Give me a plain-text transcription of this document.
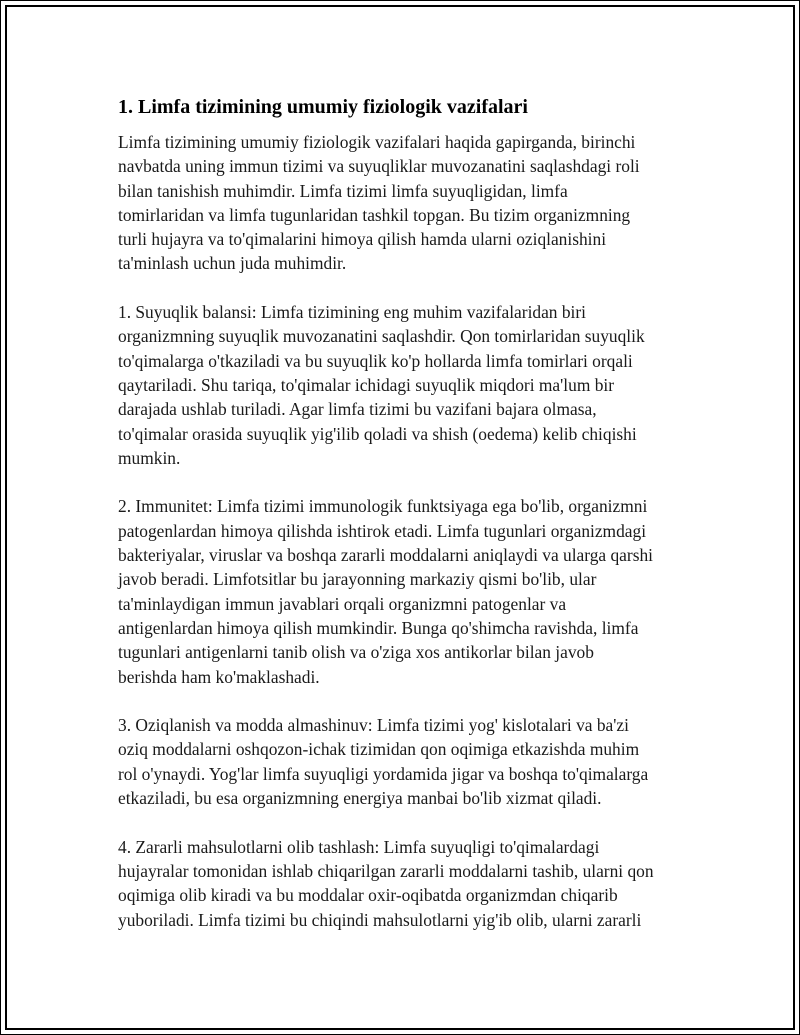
1. Limfa tizimining umumiy fiziologik vazifalari

Limfa tizimining umumiy fiziologik vazifalari haqida gapirganda, birinchi
navbatda uning immun tizimi va suyuqliklar muvozanatini saqlashdagi roli
bilan tanishish muhimdir. Limfa tizimi limfa suyuqligidan, limfa
tomirlaridan va limfa tugunlaridan tashkil topgan. Bu tizim organizmning
turli hujayra va to'qimalarini himoya qilish hamda ularni oziqlanishini
ta'minlash uchun juda muhimdir.

1. Suyuqlik balansi: Limfa tizimining eng muhim vazifalaridan biri
organizmning suyuqlik muvozanatini saqlashdir. Qon tomirlaridan suyuqlik
to'qimalarga o'tkaziladi va bu suyuqlik ko'p hollarda limfa tomirlari orqali
qaytariladi. Shu tariqa, to'qimalar ichidagi suyuqlik miqdori ma'lum bir
darajada ushlab turiladi. Agar limfa tizimi bu vazifani bajara olmasa,
to'qimalar orasida suyuqlik yig'ilib qoladi va shish (oedema) kelib chiqishi
mumkin.

2. Immunitet: Limfa tizimi immunologik funktsiyaga ega bo'lib, organizmni
patogenlardan himoya qilishda ishtirok etadi. Limfa tugunlari organizmdagi
bakteriyalar, viruslar va boshqa zararli moddalarni aniqlaydi va ularga qarshi
javob beradi. Limfotsitlar bu jarayonning markaziy qismi bo'lib, ular
ta'minlaydigan immun javablari orqali organizmni patogenlar va
antigenlardan himoya qilish mumkindir. Bunga qo'shimcha ravishda, limfa
tugunlari antigenlarni tanib olish va o'ziga xos antikorlar bilan javob
berishda ham ko'maklashadi.

3. Oziqlanish va modda almashinuv: Limfa tizimi yog' kislotalari va ba'zi
oziq moddalarni oshqozon-ichak tizimidan qon oqimiga etkazishda muhim
rol o'ynaydi. Yog'lar limfa suyuqligi yordamida jigar va boshqa to'qimalarga
etkaziladi, bu esa organizmning energiya manbai bo'lib xizmat qiladi.

4. Zararli mahsulotlarni olib tashlash: Limfa suyuqligi to'qimalardagi
hujayralar tomonidan ishlab chiqarilgan zararli moddalarni tashib, ularni qon
oqimiga olib kiradi va bu moddalar oxir-oqibatda organizmdan chiqarib
yuboriladi. Limfa tizimi bu chiqindi mahsulotlarni yig'ib olib, ularni zararli
